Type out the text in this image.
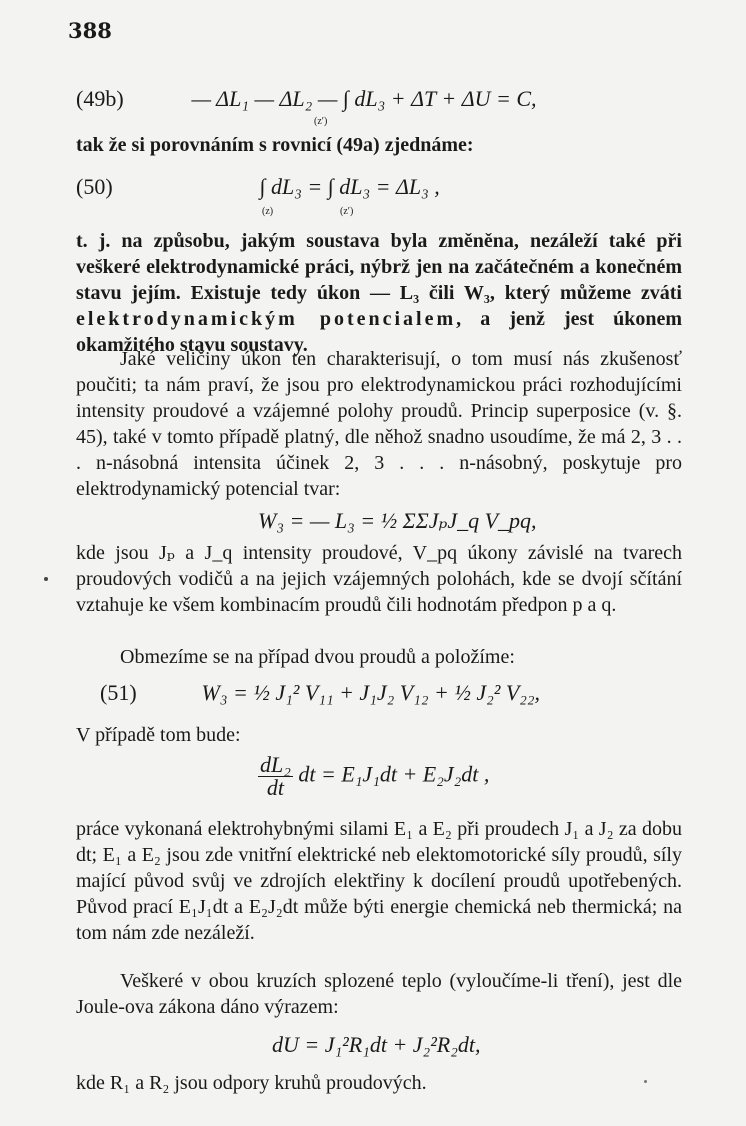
388
(49b)	— ΔL₁ — ΔL₂ — ∫ dL₃ + ΔT + ΔU = C,
(z′)

tak že si porovnáním s rovnicí (49a) zjednáme:

(50)	∫ dL₃ = ∫ dL₃ = ΔL₃ ,
(z)	(z′)

t. j. na způsobu, jakým soustava byla změněna, nezáleží také při veškeré elektrodynamické práci, nýbrž jen na začátečném a konečném stavu jejím. Existuje tedy úkon — L₃ čili W₃, který můžeme zváti elektrodynamickým potencialem, a jenž jest úkonem okamžitého stavu soustavy.

Jaké veličiny úkon ten charakterisují, o tom musí nás zkušenosť poučiti; ta nám praví, že jsou pro elektrodynamickou práci rozhodujícími intensity proudové a vzájemné polohy proudů. Princip superposice (v. §. 45), také v tomto případě platný, dle něhož snadno usoudíme, že má 2, 3 . . . n-násobná intensita účinek 2, 3 . . . n-násobný, poskytuje pro elektrodynamický potencial tvar:

W₃ = — L₃ = ½ ΣΣJₚJ_q V_pq,

kde jsou Jₚ a J_q intensity proudové, V_pq úkony závislé na tvarech proudových vodičů a na jejich vzájemných polohách, kde se dvojí sčítání vztahuje ke všem kombinacím proudů čili hodnotám předpon p a q.

Obmezíme se na případ dvou proudů a položíme:

(51)	W₃ = ½ J₁² V₁₁ + J₁J₂ V₁₂ + ½ J₂² V₂₂,

V případě tom bude:

$\frac{\text{dL₂}}{dt}$ dt = E₁J₁dt + E₂J₂dt ,

práce vykonaná elektrohybnými silami E₁ a E₂ při proudech J₁ a J₂ za dobu dt; E₁ a E₂ jsou zde vnitřní elektrické neb elektomotorické síly proudů, síly mající původ svůj ve zdrojích elektřiny k docílení proudů upotřebených. Původ prací E₁J₁dt a E₂J₂dt může býti energie chemická neb thermická; na tom nám zde nezáleží.

Veškeré v obou kruzích splozené teplo (vyloučíme-li tření), jest dle Joule-ova zákona dáno výrazem:

dU = J₁²R₁dt + J₂²R₂dt,

kde R₁ a R₂ jsou odpory kruhů proudových.
